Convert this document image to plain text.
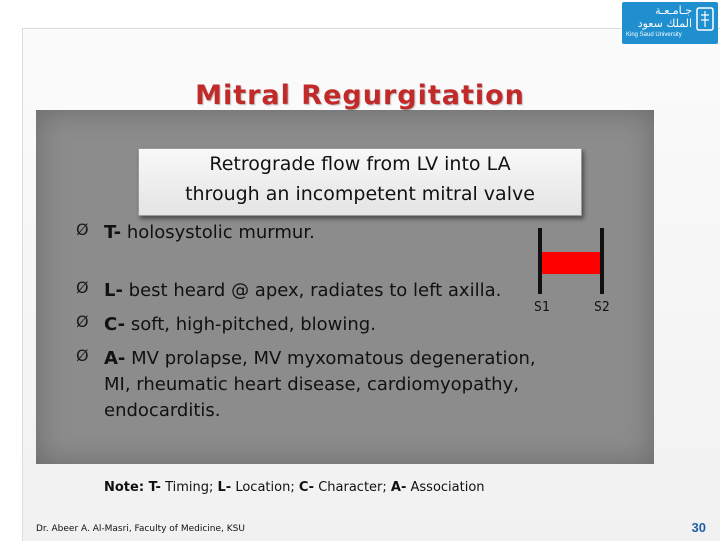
جـامـعـة
الملك سعود
King Saud University
Mitral Regurgitation
Retrograde flow from LV into LA
through an incompetent mitral valve
Ø T- holosystolic murmur.
Ø L- best heard @ apex, radiates to left axilla.
Ø C- soft, high-pitched, blowing.
Ø A- MV prolapse, MV myxomatous degeneration,
MI, rheumatic heart disease, cardiomyopathy,
endocarditis.
S1	S2
Note: T- Timing; L- Location; C- Character; A- Association
Dr. Abeer A. Al-Masri, Faculty of Medicine, KSU	30
